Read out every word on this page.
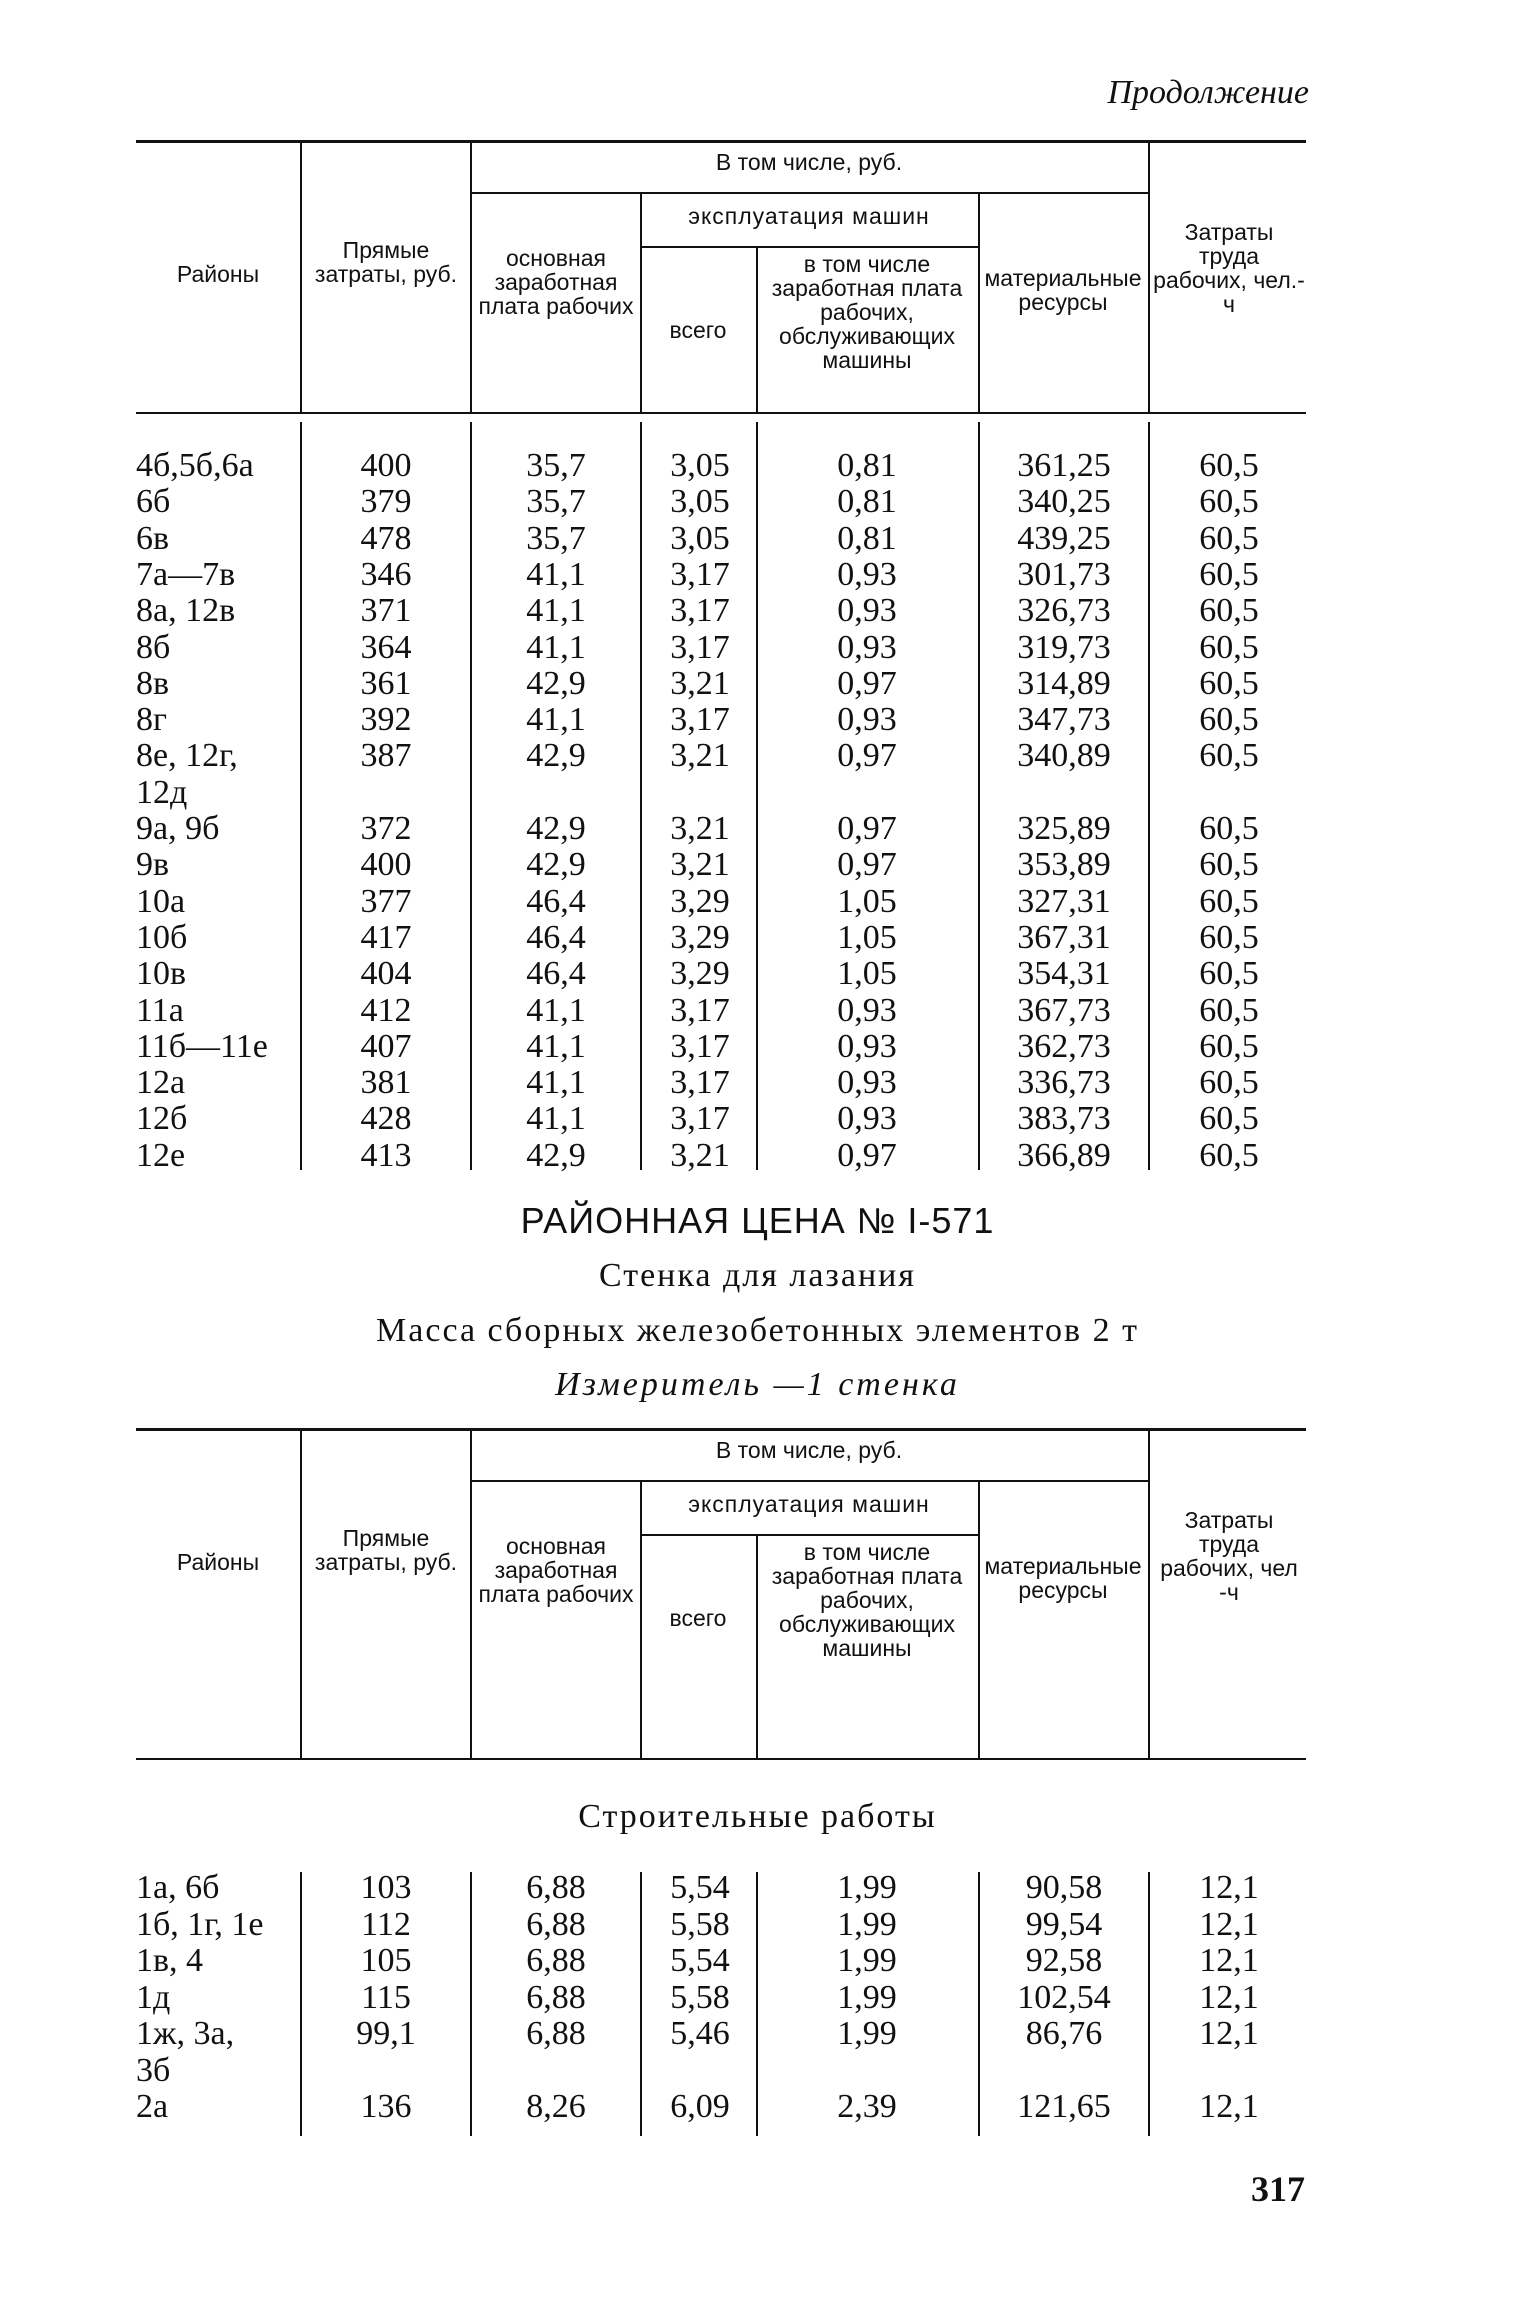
Продолжение
Районы
Прямые затраты, руб.
В том числе, руб.
основная заработная плата рабочих
эксплуатация машин
всего
в том числе заработная плата рабочих, обслуживающих машины
материальные ресурсы
Затраты труда рабочих, чел.-ч
4б,5б,6а	400	35,7	3,05	0,81	361,25	60,5
6б	379	35,7	3,05	0,81	340,25	60,5
6в	478	35,7	3,05	0,81	439,25	60,5
7а—7в	346	41,1	3,17	0,93	301,73	60,5
8а, 12в	371	41,1	3,17	0,93	326,73	60,5
8б	364	41,1	3,17	0,93	319,73	60,5
8в	361	42,9	3,21	0,97	314,89	60,5
8г	392	41,1	3,17	0,93	347,73	60,5
8е, 12г,	387	42,9	3,21	0,97	340,89	60,5
12д
9а, 9б	372	42,9	3,21	0,97	325,89	60,5
9в	400	42,9	3,21	0,97	353,89	60,5
10а	377	46,4	3,29	1,05	327,31	60,5
10б	417	46,4	3,29	1,05	367,31	60,5
10в	404	46,4	3,29	1,05	354,31	60,5
11а	412	41,1	3,17	0,93	367,73	60,5
11б—11е	407	41,1	3,17	0,93	362,73	60,5
12а	381	41,1	3,17	0,93	336,73	60,5
12б	428	41,1	3,17	0,93	383,73	60,5
12е	413	42,9	3,21	0,97	366,89	60,5
РАЙОННАЯ ЦЕНА № I-571
Стенка для лазания
Масса сборных железобетонных элементов 2 т
Измеритель —1 стенка
Районы
Прямые затраты, руб.
В том числе, руб.
основная заработная плата рабочих
эксплуатация машин
всего
в том числе заработная плата рабочих, обслуживающих машины
материальные ресурсы
Затраты труда рабочих, чел -ч
Строительные работы
1а, 6б	103	6,88	5,54	1,99	90,58	12,1
1б, 1г, 1е	112	6,88	5,58	1,99	99,54	12,1
1в, 4	105	6,88	5,54	1,99	92,58	12,1
1д	115	6,88	5,58	1,99	102,54	12,1
1ж, 3а,	99,1	6,88	5,46	1,99	86,76	12,1
3б
2а	136	8,26	6,09	2,39	121,65	12,1
317
